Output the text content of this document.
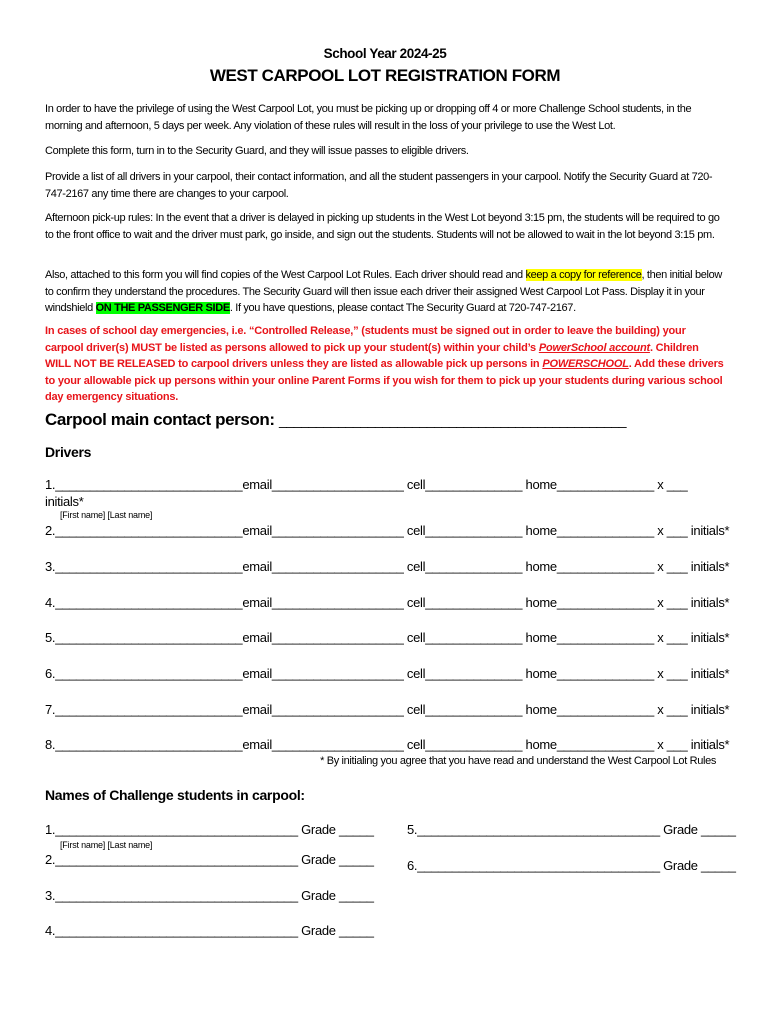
School Year 2024-25
WEST CARPOOL LOT REGISTRATION FORM
In order to have the privilege of using the West Carpool Lot, you must be picking up or dropping off 4 or more Challenge School students, in the morning and afternoon, 5 days per week. Any violation of these rules will result in the loss of your privilege to use the West Lot.
Complete this form, turn in to the Security Guard, and they will issue passes to eligible drivers.
Provide a list of all drivers in your carpool, their contact information, and all the student passengers in your carpool. Notify the Security Guard at 720-747-2167 any time there are changes to your carpool.
Afternoon pick-up rules: In the event that a driver is delayed in picking up students in the West Lot beyond 3:15 pm, the students will be required to go to the front office to wait and the driver must park, go inside, and sign out the students. Students will not be allowed to wait in the lot beyond 3:15 pm.
Also, attached to this form you will find copies of the West Carpool Lot Rules. Each driver should read and keep a copy for reference, then initial below to confirm they understand the procedures. The Security Guard will then issue each driver their assigned West Carpool Lot Pass. Display it in your windshield ON THE PASSENGER SIDE. If you have questions, please contact The Security Guard at 720-747-2167.
In cases of school day emergencies, i.e. “Controlled Release,” (students must be signed out in order to leave the building) your carpool driver(s) MUST be listed as persons allowed to pick up your student(s) within your child’s PowerSchool account. Children WILL NOT BE RELEASED to carpool drivers unless they are listed as allowable pick up persons in POWERSCHOOL. Add these drivers to your allowable pick up persons within your online Parent Forms if you wish for them to pick up your students during various school day emergency situations.
Carpool main contact person: _______________________________________________
Drivers
1.___________________________email___________________ cell______________ home______________ x ___
initials*
[First name] [Last name]
2.___________________________email___________________ cell______________ home______________ x ___ initials*
3.___________________________email___________________ cell______________ home______________ x ___ initials*
4.___________________________email___________________ cell______________ home______________ x ___ initials*
5.___________________________email___________________ cell______________ home______________ x ___ initials*
6.___________________________email___________________ cell______________ home______________ x ___ initials*
7.___________________________email___________________ cell______________ home______________ x ___ initials*
8.___________________________email___________________ cell______________ home______________ x ___ initials*
* By initialing you agree that you have read and understand the West Carpool Lot Rules
Names of Challenge students in carpool:
1.___________________________________ Grade _____
[First name] [Last name]
2.___________________________________ Grade _____
3.___________________________________ Grade _____
4.___________________________________ Grade _____
5.___________________________________ Grade _____
6.___________________________________ Grade _____
